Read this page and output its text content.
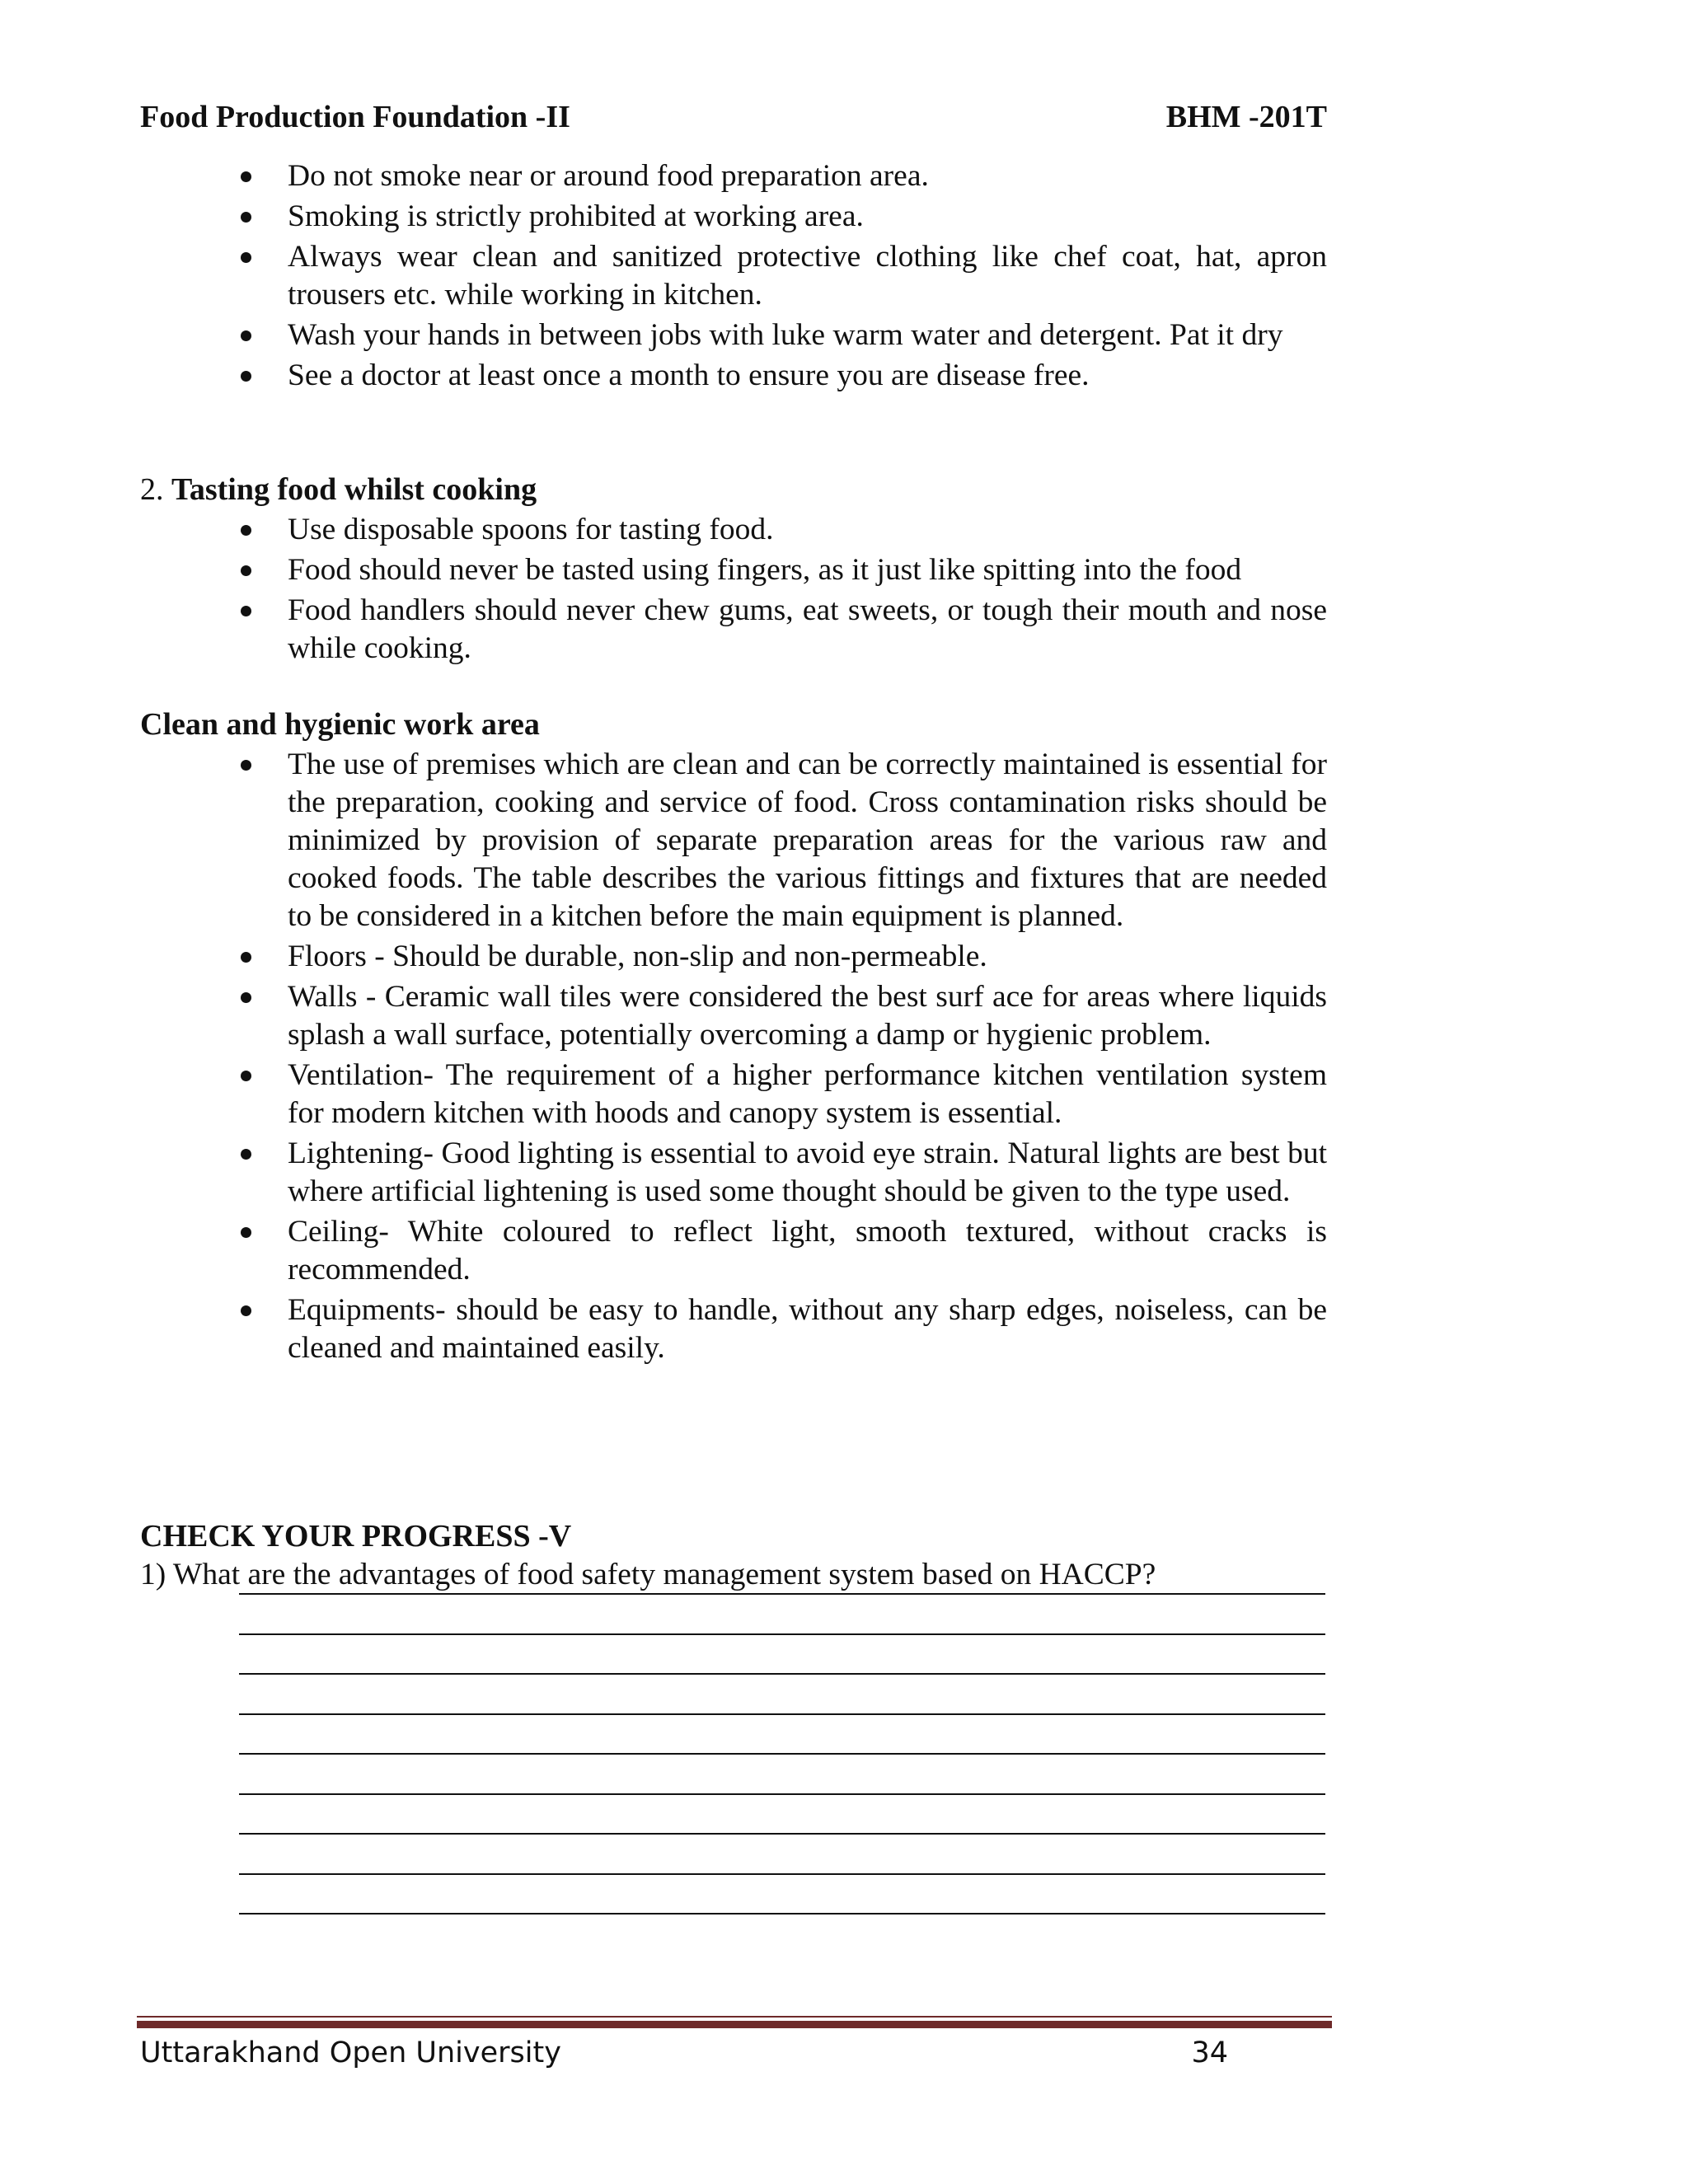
Food Production Foundation -II	BHM -201T
Do not smoke near or around food preparation area.
Smoking is strictly prohibited at working area.
Always wear clean and sanitized protective clothing like chef coat, hat, apron trousers etc. while working in kitchen.
Wash your hands in between jobs with luke warm water and detergent. Pat it dry
See a doctor at least once a month to ensure you are disease free.
2. Tasting food whilst cooking
Use disposable spoons for tasting food.
Food should never be tasted using fingers, as it just like spitting into the food
Food handlers should never chew gums, eat sweets, or tough their mouth and nose while cooking.
Clean and hygienic work area
The use of premises which are clean and can be correctly maintained is essential for the preparation, cooking and service of food. Cross contamination risks should be minimized by provision of separate preparation areas for the various raw and cooked foods. The table describes the various fittings and fixtures that are needed to be considered in a kitchen before the main equipment is planned.
Floors - Should be durable, non-slip and non-permeable.
Walls - Ceramic wall tiles were considered the best surf ace for areas where liquids splash a wall surface, potentially overcoming a damp or hygienic problem.
Ventilation- The requirement of a higher performance kitchen ventilation system for modern kitchen with hoods and canopy system is essential.
Lightening- Good lighting is essential to avoid eye strain. Natural lights are best but where artificial lightening is used some thought should be given to the type used.
Ceiling- White coloured to reflect light, smooth textured, without cracks is recommended.
Equipments- should be easy to handle, without any sharp edges, noiseless, can be cleaned and maintained easily.
CHECK YOUR PROGRESS -V
1) What are the advantages of food safety management system based on HACCP?
Uttarakhand Open University	34
